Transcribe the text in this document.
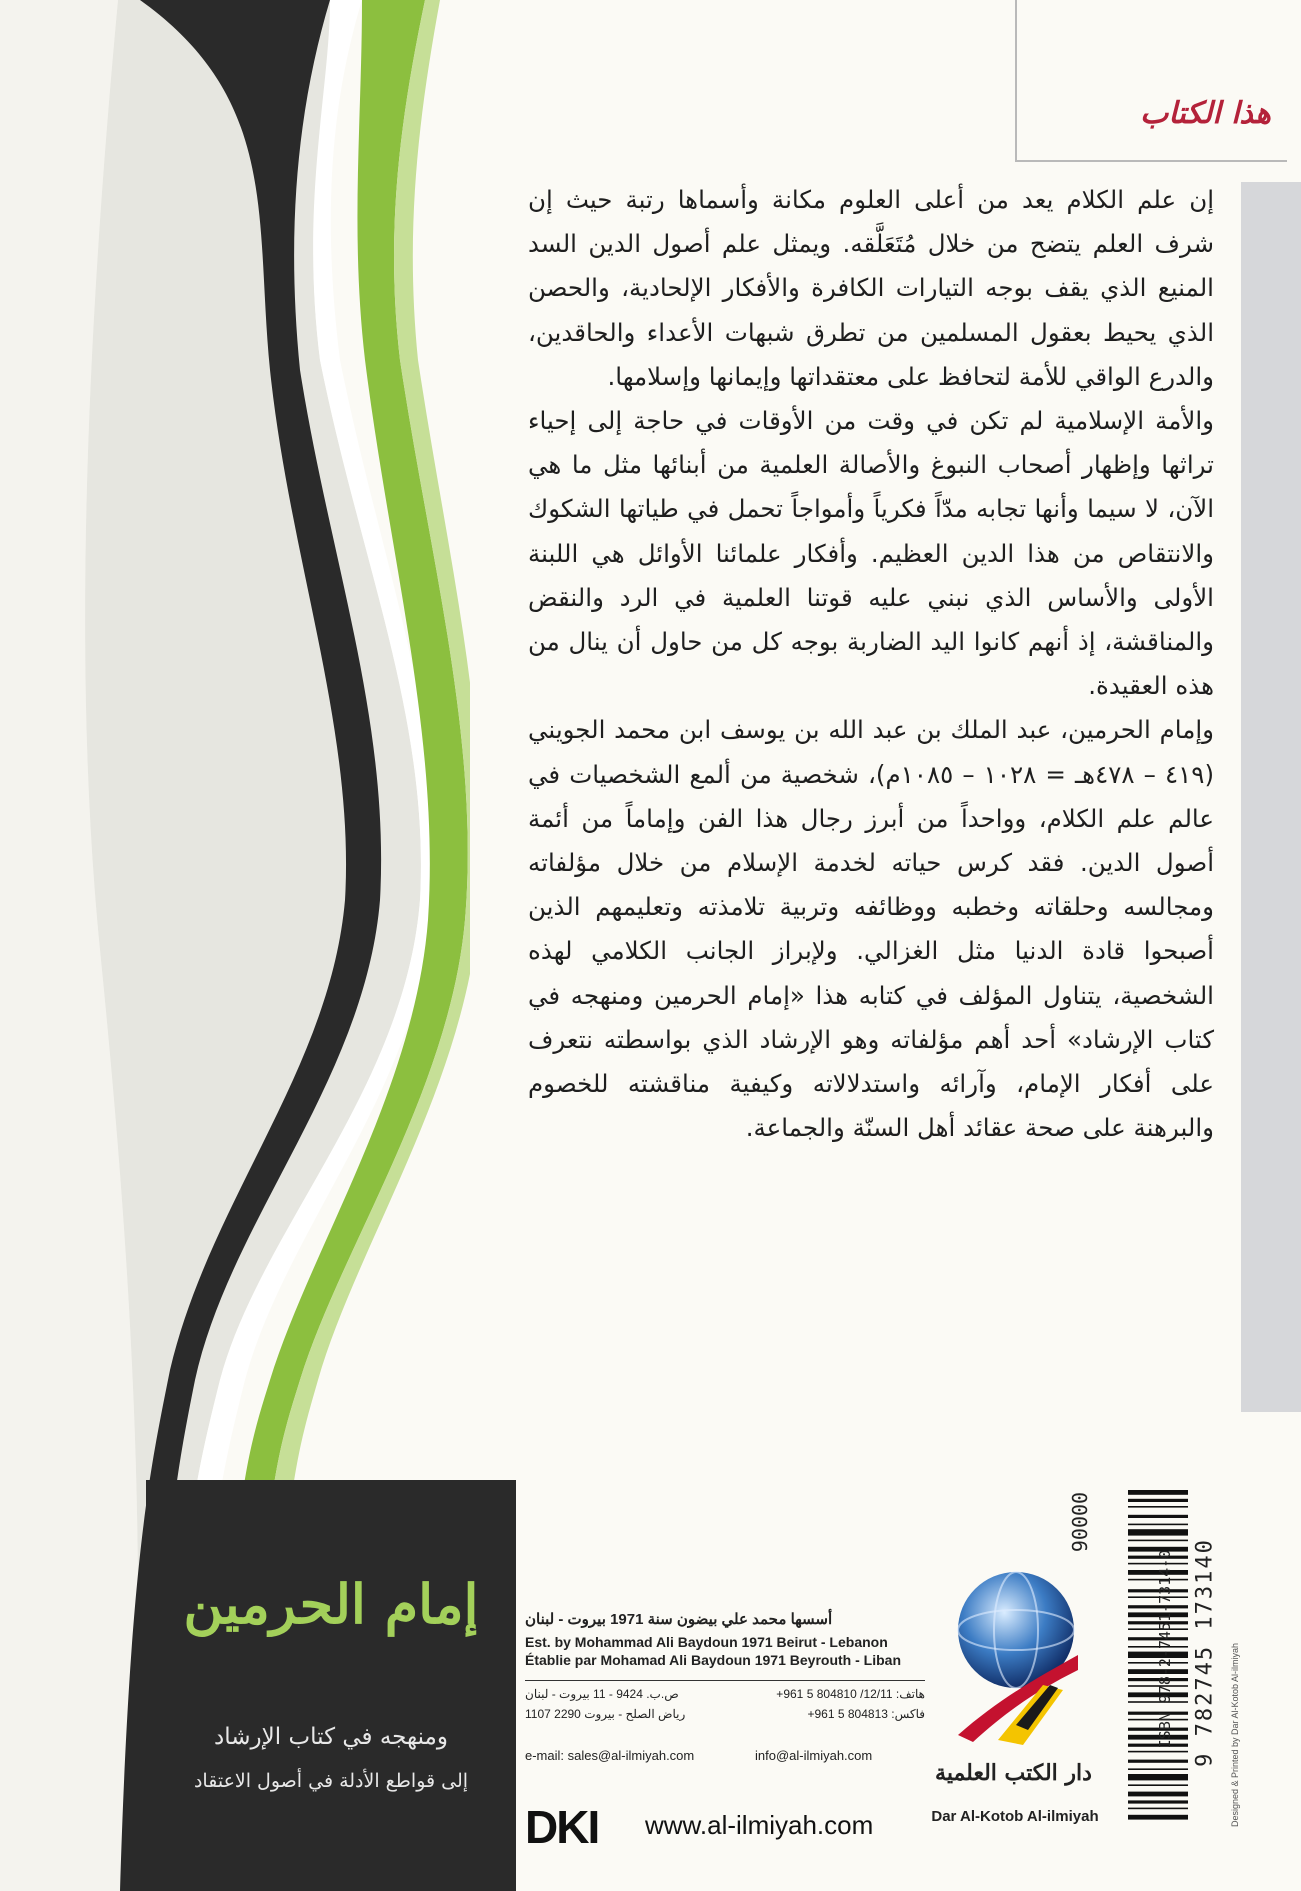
هذا الكتاب

إن علم الكلام يعد من أعلى العلوم مكانة وأسماها رتبة حيث إن شرف العلم يتضح من خلال مُتَعَلَّقه. ويمثل علم أصول الدين السد المنيع الذي يقف بوجه التيارات الكافرة والأفكار الإلحادية، والحصن الذي يحيط بعقول المسلمين من تطرق شبهات الأعداء والحاقدين، والدرع الواقي للأمة لتحافظ على معتقداتها وإيمانها وإسلامها.

والأمة الإسلامية لم تكن في وقت من الأوقات في حاجة إلى إحياء تراثها وإظهار أصحاب النبوغ والأصالة العلمية من أبنائها مثل ما هي الآن، لا سيما وأنها تجابه مدّاً فكرياً وأمواجاً تحمل في طياتها الشكوك والانتقاص من هذا الدين العظيم. وأفكار علمائنا الأوائل هي اللبنة الأولى والأساس الذي نبني عليه قوتنا العلمية في الرد والنقض والمناقشة، إذ أنهم كانوا اليد الضاربة بوجه كل من حاول أن ينال من هذه العقيدة.

وإمام الحرمين، عبد الملك بن عبد الله بن يوسف ابن محمد الجويني (٤١٩ – ٤٧٨هـ = ١٠٢٨ – ١٠٨٥م)، شخصية من ألمع الشخصيات في عالم علم الكلام، وواحداً من أبرز رجال هذا الفن وإماماً من أئمة أصول الدين. فقد كرس حياته لخدمة الإسلام من خلال مؤلفاته ومجالسه وحلقاته وخطبه ووظائفه وتربية تلامذته وتعليمهم الذين أصبحوا قادة الدنيا مثل الغزالي. ولإبراز الجانب الكلامي لهذه الشخصية، يتناول المؤلف في كتابه هذا «إمام الحرمين ومنهجه في كتاب الإرشاد» أحد أهم مؤلفاته وهو الإرشاد الذي بواسطته نتعرف على أفكار الإمام، وآرائه واستدلالاته وكيفية مناقشته للخصوم والبرهنة على صحة عقائد أهل السنّة والجماعة.

ISBN 978-2-7451-7314-0 9 782745 173140
90000
Designed & Printed by Dar Al-Kotob Al-ilmiyah
دار الكتب العلمية
Dar Al-Kotob Al-ilmiyah
أسسها محمد علي بيضون سنة 1971 بيروت - لبنان
Est. by Mohammad Ali Baydoun 1971 Beirut - Lebanon
Établie par Mohamad Ali Baydoun 1971 Beyrouth - Liban
هاتف: 12/11/ 804810 5 961+
فاكس: 804813 5 961+
ص.ب. 9424 - 11 بيروت - لبنان
رياض الصلح - بيروت 2290 1107
e-mail: sales@al-ilmiyah.com	info@al-ilmiyah.com
DKI www.al-ilmiyah.com
إمام الحرمين
ومنهجه في كتاب الإرشاد
إلى قواطع الأدلة في أصول الاعتقاد
